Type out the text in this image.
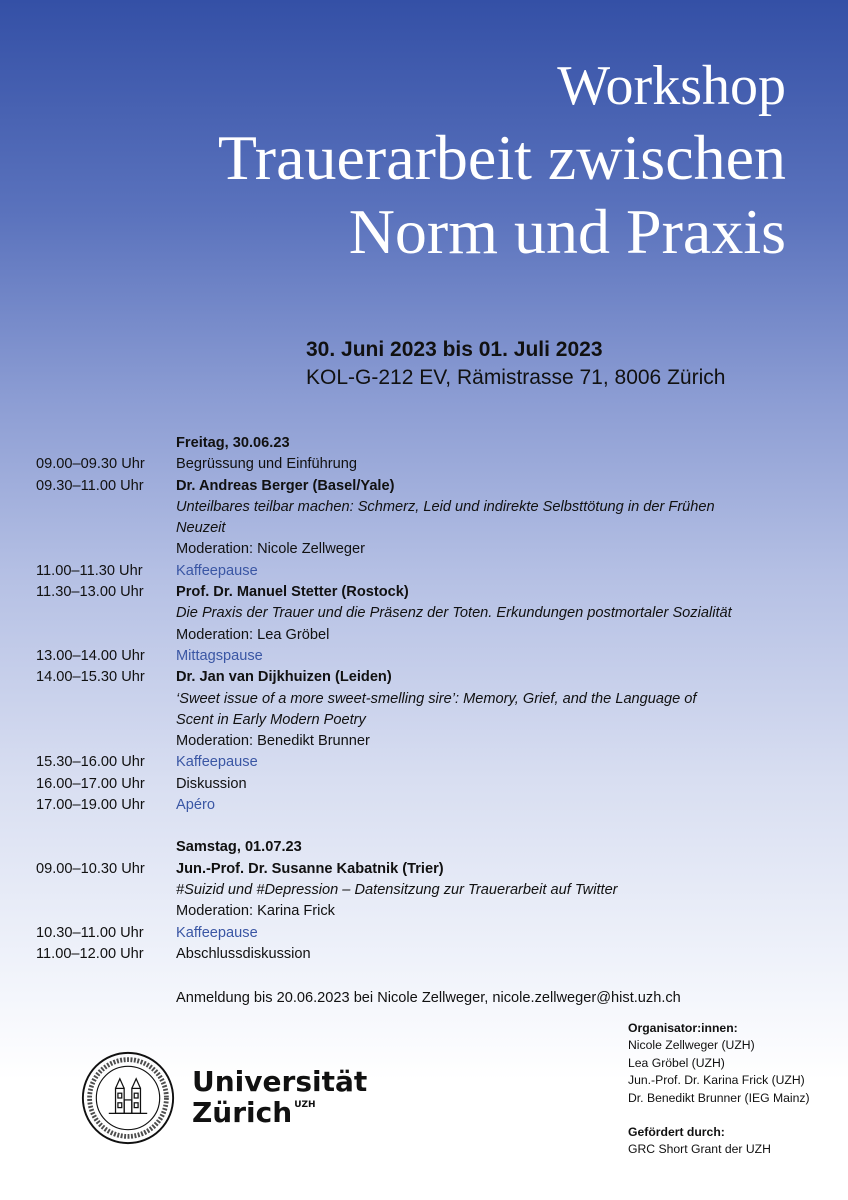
Workshop
Trauerarbeit zwischen
Norm und Praxis
30. Juni 2023 bis 01. Juli 2023
KOL-G-212 EV, Rämistrasse 71, 8006 Zürich
Freitag, 30.06.23
09.00–09.30 Uhr	Begrüssung und Einführung
09.30–11.00 Uhr	Dr. Andreas Berger (Basel/Yale)
Unteilbares teilbar machen: Schmerz, Leid und indirekte Selbsttötung in der Frühen
Neuzeit
Moderation: Nicole Zellweger
11.00–11.30 Uhr	Kaffeepause
11.30–13.00 Uhr	Prof. Dr. Manuel Stetter (Rostock)
Die Praxis der Trauer und die Präsenz der Toten. Erkundungen postmortaler Sozialität
Moderation: Lea Gröbel
13.00–14.00 Uhr	Mittagspause
14.00–15.30 Uhr	Dr. Jan van Dijkhuizen (Leiden)
‘Sweet issue of a more sweet-smelling sire’: Memory, Grief, and the Language of
Scent in Early Modern Poetry
Moderation: Benedikt Brunner
15.30–16.00 Uhr	Kaffeepause
16.00–17.00 Uhr	Diskussion
17.00–19.00 Uhr	Apéro
Samstag, 01.07.23
09.00–10.30 Uhr	Jun.-Prof. Dr. Susanne Kabatnik (Trier)
#Suizid und #Depression – Datensitzung zur Trauerarbeit auf Twitter
Moderation: Karina Frick
10.30–11.00 Uhr	Kaffeepause
11.00–12.00 Uhr	Abschlussdiskussion
Anmeldung bis 20.06.2023 bei Nicole Zellweger, nicole.zellweger@hist.uzh.ch
Universität
Zürich $^{UZH}$
Organisator:innen:
Nicole Zellweger (UZH)
Lea Gröbel (UZH)
Jun.-Prof. Dr. Karina Frick (UZH)
Dr. Benedikt Brunner (IEG Mainz)
Gefördert durch:
GRC Short Grant der UZH
